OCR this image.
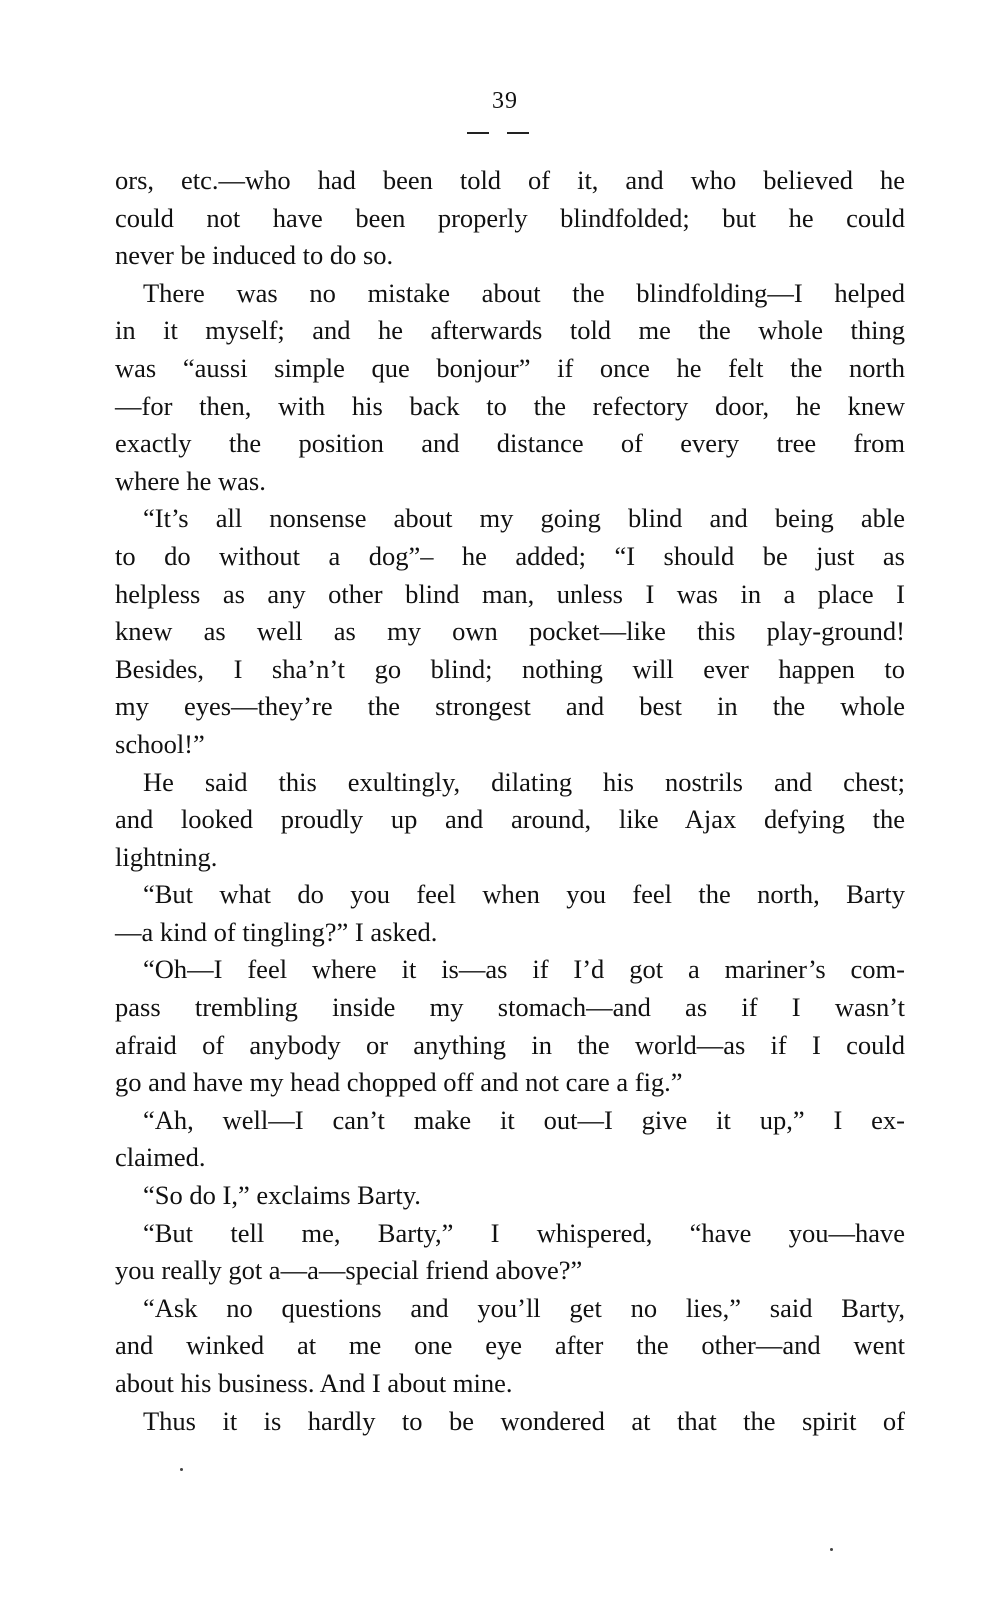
39

ors, etc.—who had been told of it, and who believed he
could not have been properly blindfolded; but he could
never be induced to do so.

There was no mistake about the blindfolding—I helped
in it myself; and he afterwards told me the whole thing
was “aussi simple que bonjour” if once he felt the north
—for then, with his back to the refectory door, he knew
exactly the position and distance of every tree from
where he was.

“It’s all nonsense about my going blind and being able
to do without a dog”– he added; “I should be just as
helpless as any other blind man, unless I was in a place I
knew as well as my own pocket—like this play-ground!
Besides, I sha’n’t go blind; nothing will ever happen to
my eyes—they’re the strongest and best in the whole
school!”

He said this exultingly, dilating his nostrils and chest;
and looked proudly up and around, like Ajax defying the
lightning.

“But what do you feel when you feel the north, Barty
—a kind of tingling?” I asked.

“Oh—I feel where it is—as if I’d got a mariner’s com-
pass trembling inside my stomach—and as if I wasn’t
afraid of anybody or anything in the world—as if I could
go and have my head chopped off and not care a fig.”

“Ah, well—I can’t make it out—I give it up,” I ex-
claimed.

“So do I,” exclaims Barty.

“But tell me, Barty,” I whispered, “have you—have
you really got a—a—special friend above?”

“Ask no questions and you’ll get no lies,” said Barty,
and winked at me one eye after the other—and went
about his business. And I about mine.

Thus it is hardly to be wondered at that the spirit of
